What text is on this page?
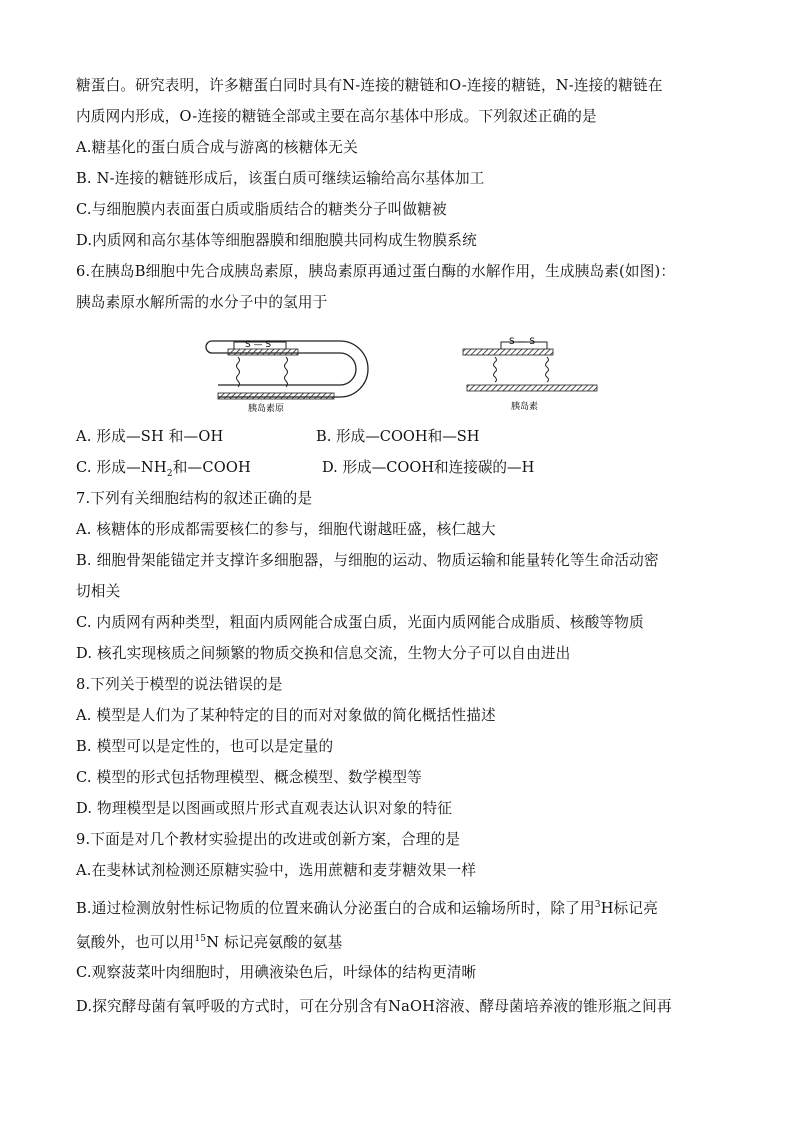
糖蛋白。研究表明，许多糖蛋白同时具有N-连接的糖链和O-连接的糖链，N-连接的糖链在
内质网内形成，O-连接的糖链全部或主要在高尔基体中形成。下列叙述正确的是
A.糖基化的蛋白质合成与游离的核糖体无关
B. N-连接的糖链形成后，该蛋白质可继续运输给高尔基体加工
C.与细胞膜内表面蛋白质或脂质结合的糖类分子叫做糖被
D.内质网和高尔基体等细胞器膜和细胞膜共同构成生物膜系统
6.在胰岛B细胞中先合成胰岛素原，胰岛素原再通过蛋白酶的水解作用，生成胰岛素(如图)：
胰岛素原水解所需的水分子中的氢用于
S — S
胰岛素原
S — S
胰岛素
A. 形成—SH 和—OH	B. 形成—COOH和—SH
C. 形成$—NH_2$和—COOH	D. 形成—COOH和连接碳的—H
7.下列有关细胞结构的叙述正确的是
A. 核糖体的形成都需要核仁的参与，细胞代谢越旺盛，核仁越大
B. 细胞骨架能锚定并支撑许多细胞器，与细胞的运动、物质运输和能量转化等生命活动密
切相关
C. 内质网有两种类型，粗面内质网能合成蛋白质，光面内质网能合成脂质、核酸等物质
D. 核孔实现核质之间频繁的物质交换和信息交流，生物大分子可以自由进出
8.下列关于模型的说法错误的是
A. 模型是人们为了某种特定的目的而对对象做的简化概括性描述
B. 模型可以是定性的，也可以是定量的
C. 模型的形式包括物理模型、概念模型、数学模型等
D. 物理模型是以图画或照片形式直观表达认识对象的特征
9.下面是对几个教材实验提出的改进或创新方案，合理的是
A.在斐林试剂检测还原糖实验中，选用蔗糖和麦芽糖效果一样
B.通过检测放射性标记物质的位置来确认分泌蛋白的合成和运输场所时，除了用$^3$H标记亮
氨酸外，也可以用$^{15}$N 标记亮氨酸的氨基
C.观察菠菜叶肉细胞时，用碘液染色后，叶绿体的结构更清晰
D.探究酵母菌有氧呼吸的方式时，可在分别含有NaOH溶液、酵母菌培养液的锥形瓶之间再
